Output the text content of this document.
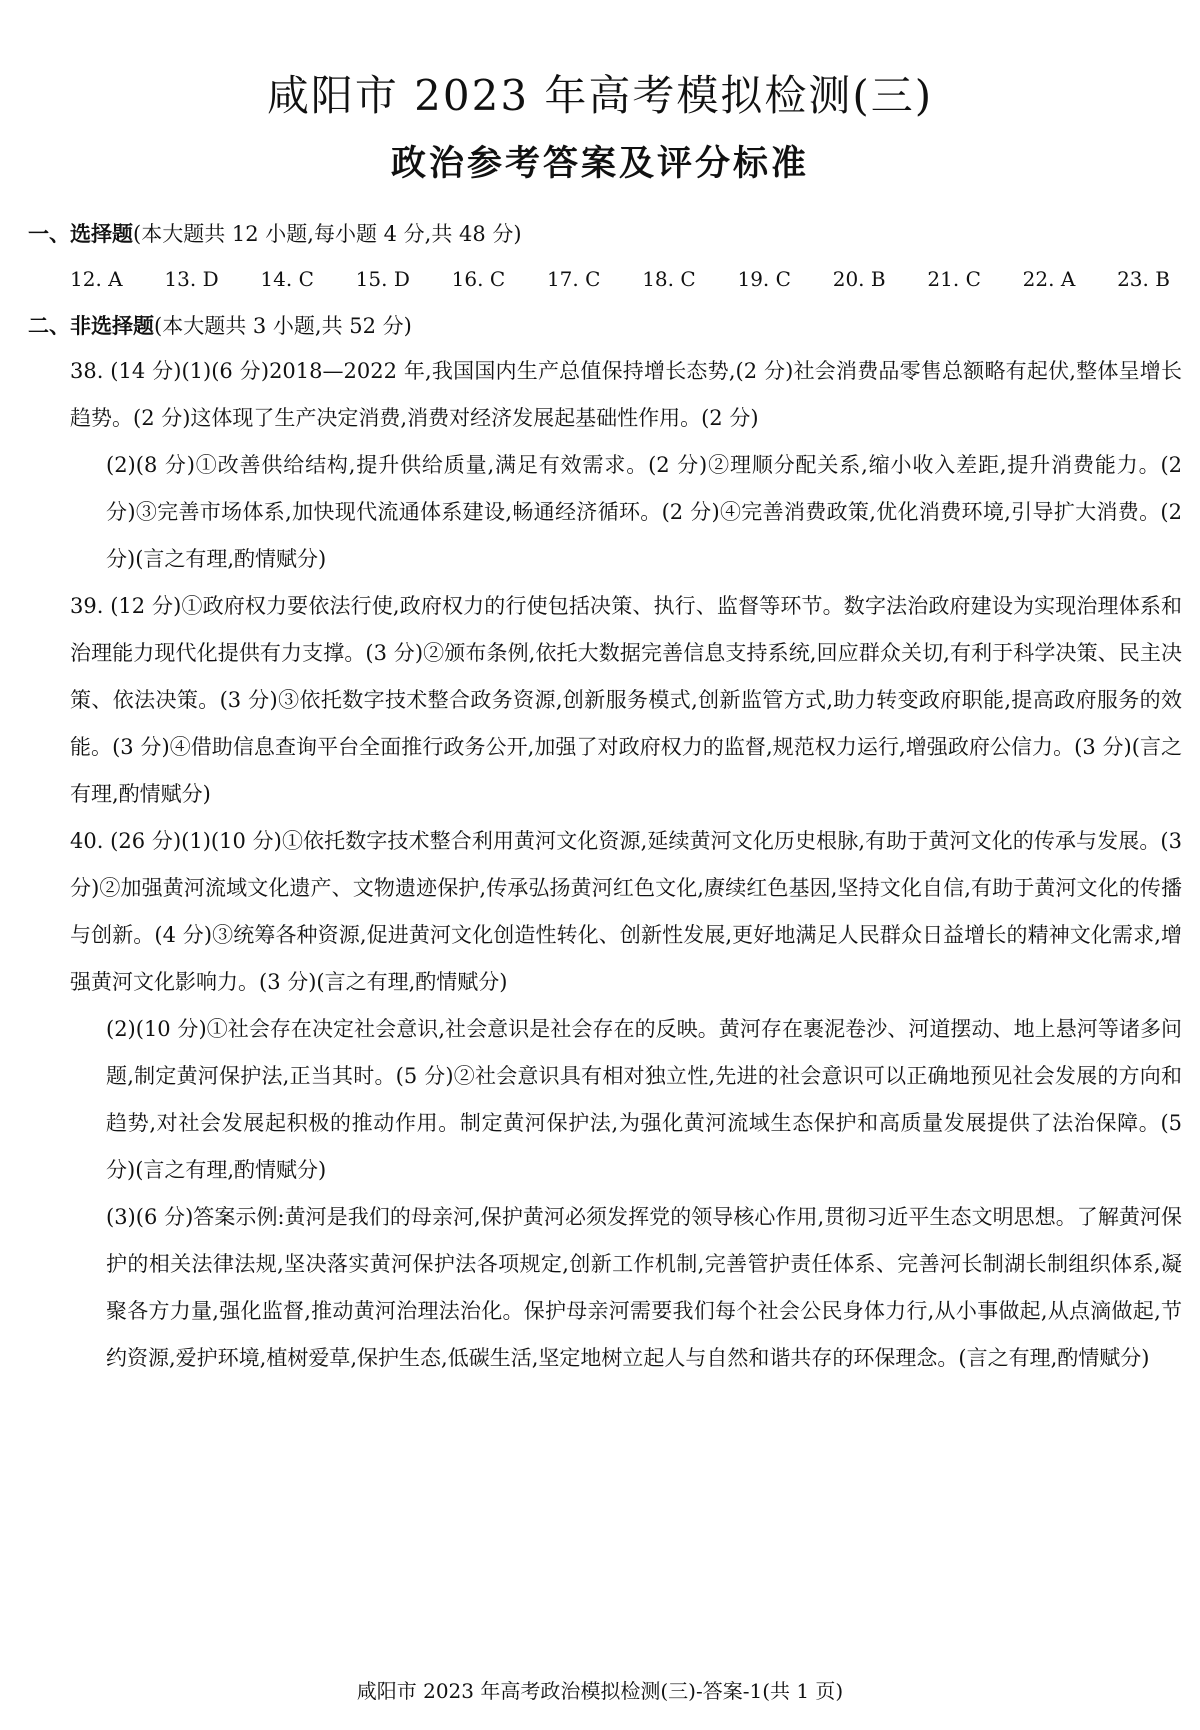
咸阳市 2023 年高考模拟检测(三)
政治参考答案及评分标准
一、选择题(本大题共 12 小题,每小题 4 分,共 48 分)
12. A 13. D 14. C 15. D 16. C 17. C 18. C 19. C 20. B 21. C 22. A 23. B
二、非选择题(本大题共 3 小题,共 52 分)

38. (14 分)(1)(6 分)2018—2022 年,我国国内生产总值保持增长态势,(2 分)社会消费品零售总额略有起伏,整体呈增长趋势。(2 分)这体现了生产决定消费,消费对经济发展起基础性作用。(2 分)

(2)(8 分)①改善供给结构,提升供给质量,满足有效需求。(2 分)②理顺分配关系,缩小收入差距,提升消费能力。(2 分)③完善市场体系,加快现代流通体系建设,畅通经济循环。(2 分)④完善消费政策,优化消费环境,引导扩大消费。(2 分)(言之有理,酌情赋分)

39. (12 分)①政府权力要依法行使,政府权力的行使包括决策、执行、监督等环节。数字法治政府建设为实现治理体系和治理能力现代化提供有力支撑。(3 分)②颁布条例,依托大数据完善信息支持系统,回应群众关切,有利于科学决策、民主决策、依法决策。(3 分)③依托数字技术整合政务资源,创新服务模式,创新监管方式,助力转变政府职能,提高政府服务的效能。(3 分)④借助信息查询平台全面推行政务公开,加强了对政府权力的监督,规范权力运行,增强政府公信力。(3 分)(言之有理,酌情赋分)

40. (26 分)(1)(10 分)①依托数字技术整合利用黄河文化资源,延续黄河文化历史根脉,有助于黄河文化的传承与发展。(3 分)②加强黄河流域文化遗产、文物遗迹保护,传承弘扬黄河红色文化,赓续红色基因,坚持文化自信,有助于黄河文化的传播与创新。(4 分)③统筹各种资源,促进黄河文化创造性转化、创新性发展,更好地满足人民群众日益增长的精神文化需求,增强黄河文化影响力。(3 分)(言之有理,酌情赋分)

(2)(10 分)①社会存在决定社会意识,社会意识是社会存在的反映。黄河存在裹泥卷沙、河道摆动、地上悬河等诸多问题,制定黄河保护法,正当其时。(5 分)②社会意识具有相对独立性,先进的社会意识可以正确地预见社会发展的方向和趋势,对社会发展起积极的推动作用。制定黄河保护法,为强化黄河流域生态保护和高质量发展提供了法治保障。(5 分)(言之有理,酌情赋分)

(3)(6 分)答案示例:黄河是我们的母亲河,保护黄河必须发挥党的领导核心作用,贯彻习近平生态文明思想。了解黄河保护的相关法律法规,坚决落实黄河保护法各项规定,创新工作机制,完善管护责任体系、完善河长制湖长制组织体系,凝聚各方力量,强化监督,推动黄河治理法治化。保护母亲河需要我们每个社会公民身体力行,从小事做起,从点滴做起,节约资源,爱护环境,植树爱草,保护生态,低碳生活,坚定地树立起人与自然和谐共存的环保理念。(言之有理,酌情赋分)

咸阳市 2023 年高考政治模拟检测(三)-答案-1(共 1 页)
